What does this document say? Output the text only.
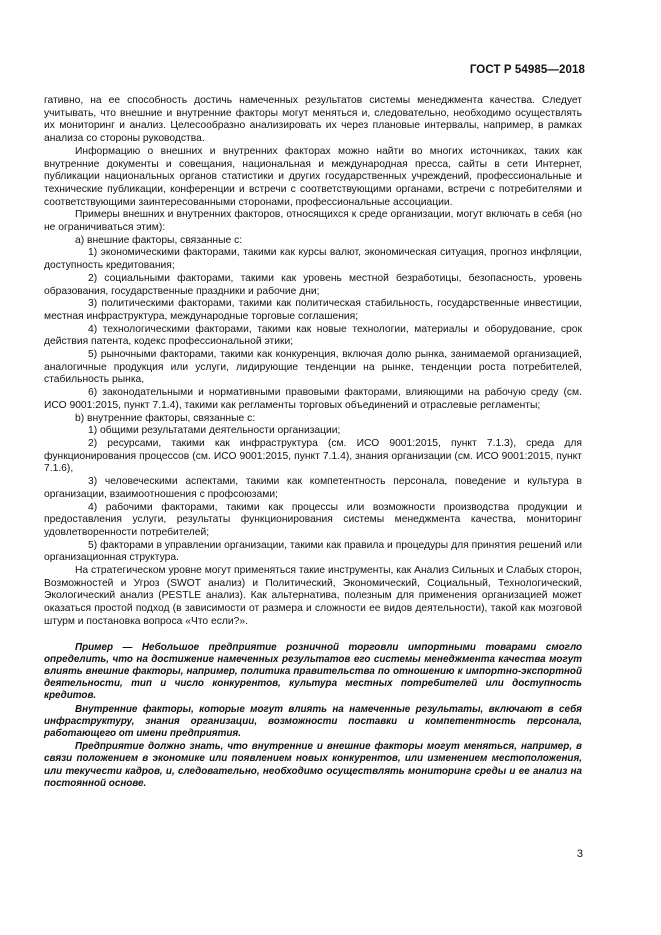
ГОСТ Р 54985—2018

гативно, на ее способность достичь намеченных результатов системы менеджмента качества. Следует учитывать, что внешние и внутренние факторы могут меняться и, следовательно, необходимо осуществлять их мониторинг и анализ. Целесообразно анализировать их через плановые интервалы, например, в рамках анализа со стороны руководства.

Информацию о внешних и внутренних факторах можно найти во многих источниках, таких как внутренние документы и совещания, национальная и международная пресса, сайты в сети Интернет, публикации национальных органов статистики и других государственных учреждений, профессиональные и технические публикации, конференции и встречи с соответствующими органами, встречи с потребителями и соответствующими заинтересованными сторонами, профессиональные ассоциации.

Примеры внешних и внутренних факторов, относящихся к среде организации, могут включать в себя (но не ограничиваться этим):

а) внешние факторы, связанные с:

1) экономическими факторами, такими как курсы валют, экономическая ситуация, прогноз инфляции, доступность кредитования;

2) социальными факторами, такими как уровень местной безработицы, безопасность, уровень образования, государственные праздники и рабочие дни;

3) политическими факторами, такими как политическая стабильность, государственные инвестиции, местная инфраструктура, международные торговые соглашения;

4) технологическими факторами, такими как новые технологии, материалы и оборудование, срок действия патента, кодекс профессиональной этики;

5) рыночными факторами, такими как конкуренция, включая долю рынка, занимаемой организацией, аналогичные продукция или услуги, лидирующие тенденции на рынке, тенденции роста потребителей, стабильность рынка,

6) законодательными и нормативными правовыми факторами, влияющими на рабочую среду (см. ИСО 9001:2015, пункт 7.1.4), такими как регламенты торговых объединений и отраслевые регламенты;

b) внутренние факторы, связанные с:

1) общими результатами деятельности организации;

2) ресурсами, такими как инфраструктура (см. ИСО 9001:2015, пункт 7.1.3), среда для функционирования процессов (см. ИСО 9001:2015, пункт 7.1.4), знания организации (см. ИСО 9001:2015, пункт 7.1.6),

3) человеческими аспектами, такими как компетентность персонала, поведение и культура в организации, взаимоотношения с профсоюзами;

4) рабочими факторами, такими как процессы или возможности производства продукции и предоставления услуги, результаты функционирования системы менеджмента качества, мониторинг удовлетворенности потребителей;

5) факторами в управлении организации, такими как правила и процедуры для принятия решений или организационная структура.

На стратегическом уровне могут применяться такие инструменты, как Анализ Сильных и Слабых сторон, Возможностей и Угроз (SWOT анализ) и Политический, Экономический, Социальный, Технологический, Экологический анализ (PESTLE анализ). Как альтернатива, полезным для применения организацией может оказаться простой подход (в зависимости от размера и сложности ее видов деятельности), такой как мозговой штурм и постановка вопроса «Что если?».

Пример — Небольшое предприятие розничной торговли импортными товарами смогло определить, что на достижение намеченных результатов его системы менеджмента качества могут влиять внешние факторы, например, политика правительства по отношению к импортно-экспортной деятельности, тип и число конкурентов, культура местных потребителей или доступность кредитов.

Внутренние факторы, которые могут влиять на намеченные результаты, включают в себя инфраструктуру, знания организации, возможности поставки и компетентность персонала, работающего от имени предприятия.

Предприятие должно знать, что внутренние и внешние факторы могут меняться, например, в связи положением в экономике или появлением новых конкурентов, или изменением местоположения, или текучести кадров, и, следовательно, необходимо осуществлять мониторинг среды и ее анализ на постоянной основе.

3
